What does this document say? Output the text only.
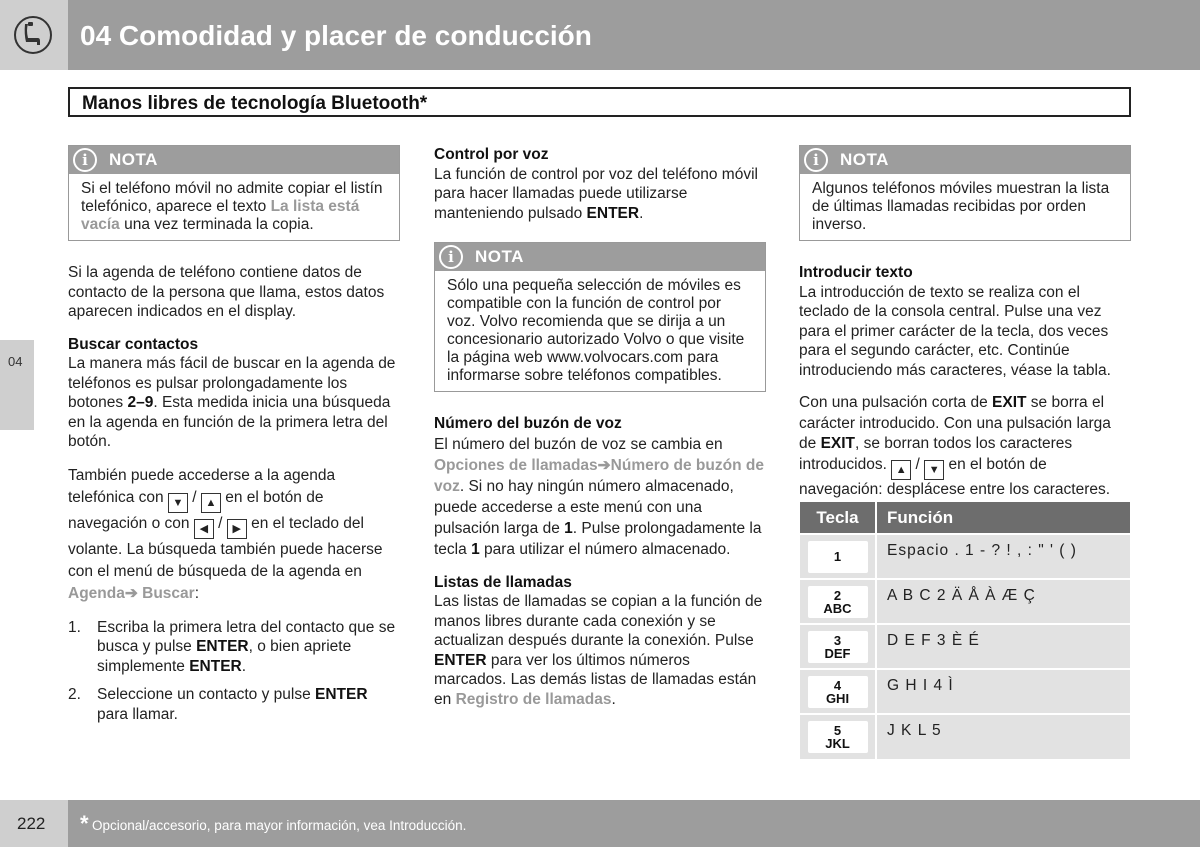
04 Comodidad y placer de conducción
Manos libres de tecnología Bluetooth*
04
i	NOTA
Si el teléfono móvil no admite copiar el listín telefónico, aparece el texto La lista está vacía una vez terminada la copia.

Si la agenda de teléfono contiene datos de contacto de la persona que llama, estos datos aparecen indicados en el display.

Buscar contactos

La manera más fácil de buscar en la agenda de teléfonos es pulsar prolongadamente los botones 2–9. Esta medida inicia una búsqueda en la agenda en función de la primera letra del botón.

También puede accederse a la agenda telefónica con ▼ / ▲ en el botón de navegación o con ◀ / ▶ en el teclado del volante. La búsqueda también puede hacerse con el menú de búsqueda de la agenda en Agenda➔ Buscar:

1. Escriba la primera letra del contacto que se busca y pulse ENTER, o bien apriete simplemente ENTER.
2. Seleccione un contacto y pulse ENTER para llamar.
Control por voz

La función de control por voz del teléfono móvil para hacer llamadas puede utilizarse manteniendo pulsado ENTER.

i	NOTA
Sólo una pequeña selección de móviles es compatible con la función de control por voz. Volvo recomienda que se dirija a un concesionario autorizado Volvo o que visite la página web www.volvocars.com para informarse sobre teléfonos compatibles.
Número del buzón de voz

El número del buzón de voz se cambia en Opciones de llamadas➔Número de buzón de voz. Si no hay ningún número almacenado, puede accederse a este menú con una pulsación larga de 1. Pulse prolongadamente la tecla 1 para utilizar el número almacenado.

Listas de llamadas

Las listas de llamadas se copian a la función de manos libres durante cada conexión y se actualizan después durante la conexión. Pulse ENTER para ver los últimos números marcados. Las demás listas de llamadas están en Registro de llamadas.

i	NOTA
Algunos teléfonos móviles muestran la lista de últimas llamadas recibidas por orden inverso.
Introducir texto

La introducción de texto se realiza con el teclado de la consola central. Pulse una vez para el primer carácter de la tecla, dos veces para el segundo carácter, etc. Continúe introduciendo más caracteres, véase la tabla.

Con una pulsación corta de EXIT se borra el carácter introducido. Con una pulsación larga de EXIT, se borran todos los caracteres introducidos. ▲ / ▼ en el botón de navegación: desplácese entre los caracteres.

Tecla	Función
1	Espacio . 1 - ? ! , : " ' ( )
2
ABC	A B C 2 Ä Å À Æ Ç
3
DEF	D E F 3 È É
4
GHI	G H I 4 Ì
5
JKL	J K L 5
222 * Opcional/accesorio, para mayor información, vea Introducción.
